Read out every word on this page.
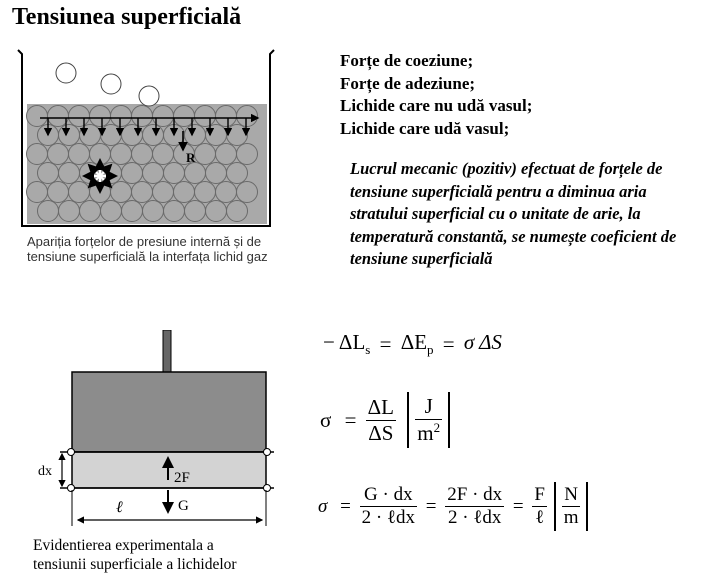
Tensiunea superficială
Forțe de coeziune;
Forțe de adeziune;
Lichide care nu udă vasul;
Lichide care udă vasul;
Lucrul mecanic (pozitiv) efectuat de forțele de tensiune superficială pentru a diminua aria stratului superficial cu o unitate de arie, la temperatură constantă, se numește coeficient de tensiune superficială
R
Apariția forțelor de presiune internă și de tensiune superficială la interfața lichid gaz
dx	2F
G
ℓ
Evidentierea experimentala a
tensiunii superficiale a lichidelor
− $\Delta L_s = \Delta E_p = \sigma$ ΔS
$\sigma = \frac{\Delta L}{\Delta S}$
$\frac{J}{m^2}$
$\sigma = \frac{G \cdot dx}{\text{2 · ℓdx}} = \frac{2F \cdot dx}{\text{2 · ℓdx}} = \frac{F}{\text{ℓ}}$
$\frac{N}{m}$
